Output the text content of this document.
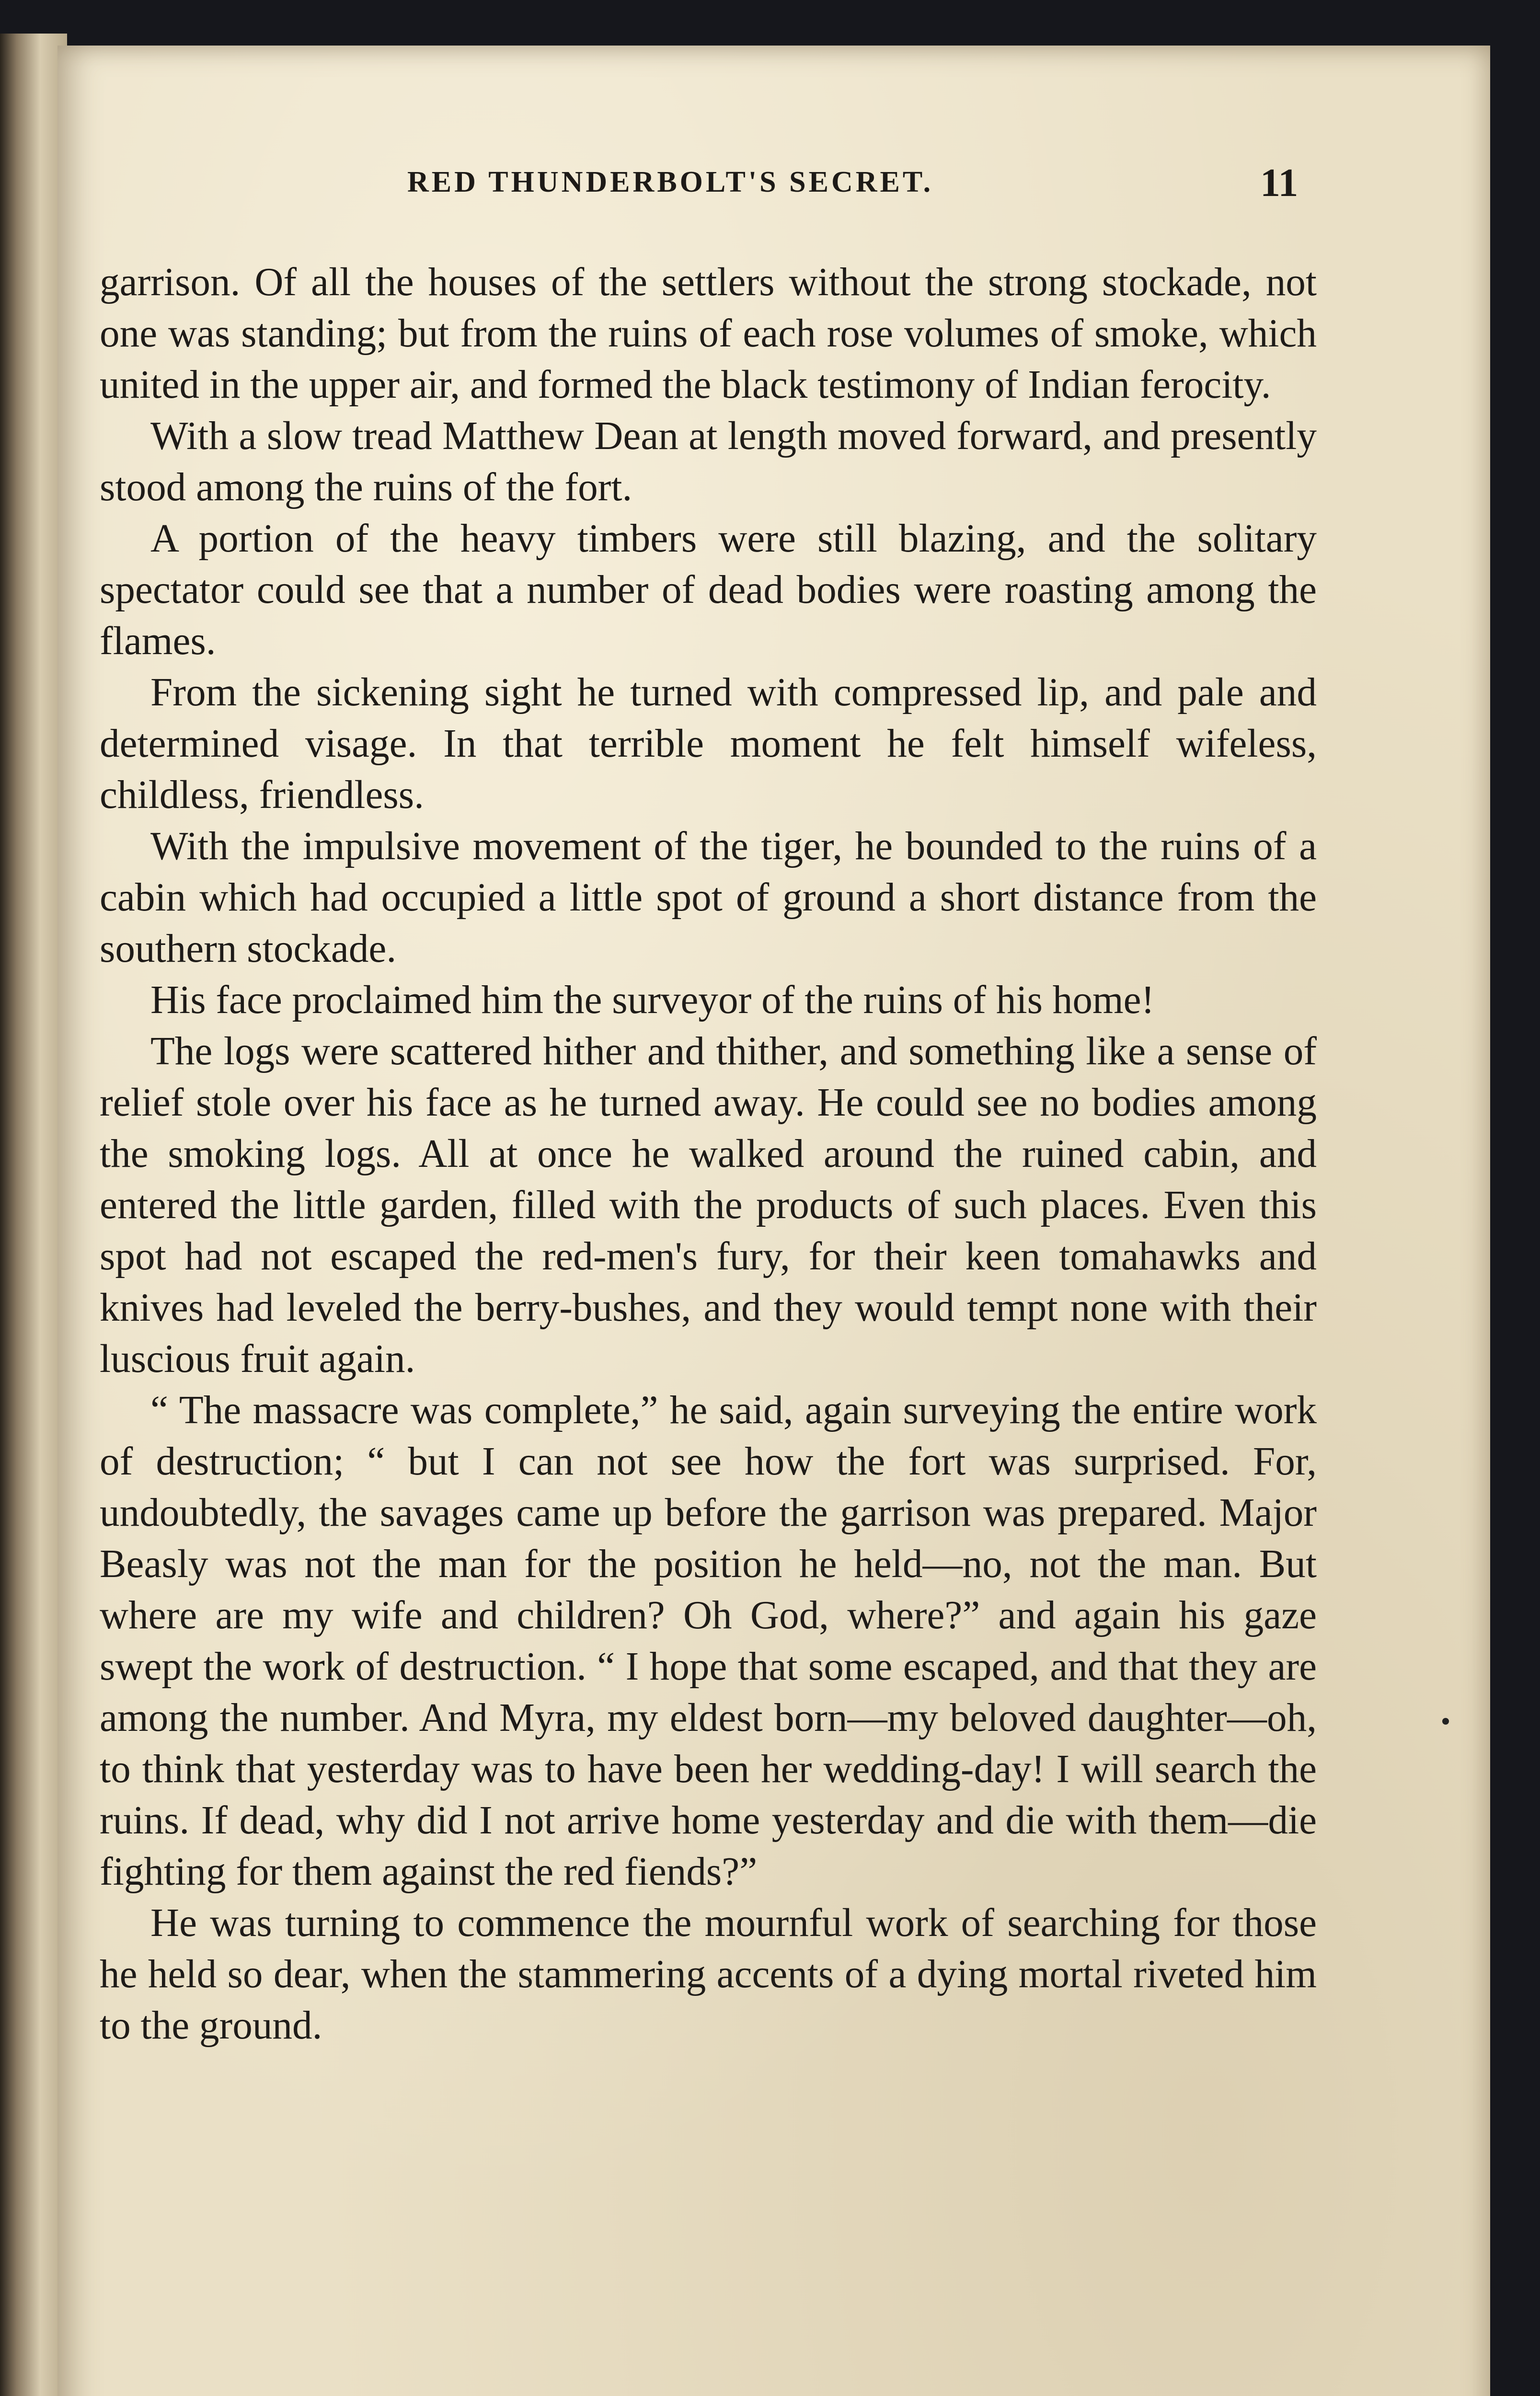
RED THUNDERBOLT'S SECRET.	11

garrison. Of all the houses of the settlers without the strong stockade, not one was standing; but from the ruins of each rose volumes of smoke, which united in the upper air, and formed the black testimony of Indian ferocity.

With a slow tread Matthew Dean at length moved forward, and presently stood among the ruins of the fort.

A portion of the heavy timbers were still blazing, and the solitary spectator could see that a number of dead bodies were roasting among the flames.

From the sickening sight he turned with compressed lip, and pale and determined visage. In that terrible moment he felt himself wifeless, childless, friendless.

With the impulsive movement of the tiger, he bounded to the ruins of a cabin which had occupied a little spot of ground a short distance from the southern stockade.

His face proclaimed him the surveyor of the ruins of his home!

The logs were scattered hither and thither, and something like a sense of relief stole over his face as he turned away. He could see no bodies among the smoking logs. All at once he walked around the ruined cabin, and entered the little garden, filled with the products of such places. Even this spot had not escaped the red-men's fury, for their keen tomahawks and knives had leveled the berry-bushes, and they would tempt none with their luscious fruit again.

“ The massacre was complete,” he said, again surveying the entire work of destruction; “ but I can not see how the fort was surprised. For, undoubtedly, the savages came up before the garrison was prepared. Major Beasly was not the man for the position he held—no, not the man. But where are my wife and children? Oh God, where?” and again his gaze swept the work of destruction. “ I hope that some escaped, and that they are among the number. And Myra, my eldest born—my beloved daughter—oh, to think that yesterday was to have been her wedding-day! I will search the ruins. If dead, why did I not arrive home yesterday and die with them—die fighting for them against the red fiends?”

He was turning to commence the mournful work of searching for those he held so dear, when the stammering accents of a dying mortal riveted him to the ground.
